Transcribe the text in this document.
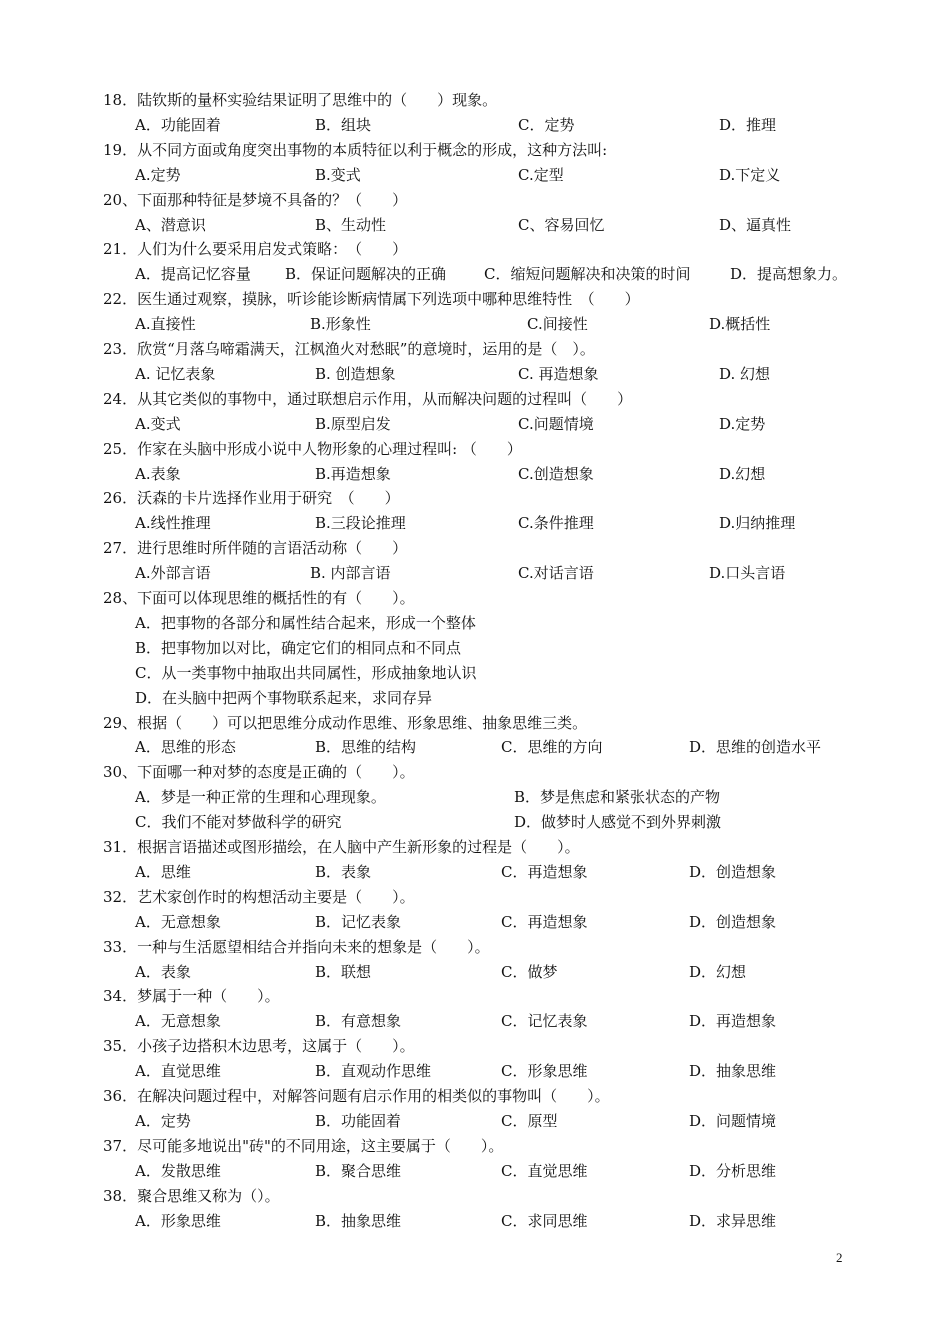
18．陆钦斯的量杯实验结果证明了思维中的（　　）现象。
A．功能固着	B．组块	C．定势	D．推理
19．从不同方面或角度突出事物的本质特征以利于概念的形成，这种方法叫:
A.定势	B.变式	C.定型	D.下定义
20、下面那种特征是梦境不具备的？（　　）
A、潜意识	B、生动性	C、容易回忆	D、逼真性
21．人们为什么要采用启发式策略：　（　　）
A．提高记忆容量 B．保证问题解决的正确	C．缩短问题解决和决策的时间	D．提高想象力。
22．医生通过观察，摸脉，听诊能诊断病情属下列选项中哪种思维特性　（　　）
A.直接性	B.形象性	C.间接性	D.概括性
23．欣赏“月落乌啼霜满天，江枫渔火对愁眠”的意境时，运用的是（　）。
A. 记忆表象	B. 创造想象	C. 再造想象	D. 幻想
24．从其它类似的事物中，通过联想启示作用，从而解决问题的过程叫（　　）
A.变式	B.原型启发	C.问题情境	D.定势
25．作家在头脑中形成小说中人物形象的心理过程叫: （　　）
A.表象	B.再造想象	C.创造想象	D.幻想
26．沃森的卡片选择作业用于研究　（　　）
A.线性推理	B.三段论推理	C.条件推理	D.归纳推理
27．进行思维时所伴随的言语活动称（　　）
A.外部言语	B. 内部言语	C.对话言语	D.口头言语
28、下面可以体现思维的概括性的有（　　）。
A．把事物的各部分和属性结合起来，形成一个整体
B．把事物加以对比，确定它们的相同点和不同点
C．从一类事物中抽取出共同属性，形成抽象地认识
D．在头脑中把两个事物联系起来，求同存异
29、根据（　　）可以把思维分成动作思维、形象思维、抽象思维三类。
A．思维的形态	B．思维的结构	C．思维的方向	D．思维的创造水平
30、下面哪一种对梦的态度是正确的（　　）。
A．梦是一种正常的生理和心理现象。	B．梦是焦虑和紧张状态的产物
C．我们不能对梦做科学的研究	D．做梦时人感觉不到外界刺激
31．根据言语描述或图形描绘，在人脑中产生新形象的过程是（　　）。
A．思维	B．表象	C．再造想象	D．创造想象
32．艺术家创作时的构想活动主要是（　　）。
A．无意想象	B．记忆表象	C．再造想象	D．创造想象
33．一种与生活愿望相结合并指向未来的想象是（　　）。
A．表象	B．联想	C．做梦	D．幻想
34．梦属于一种（　　）。
A．无意想象	B．有意想象	C．记忆表象	D．再造想象
35．小孩子边搭积木边思考，这属于（　　）。
A．直觉思维	B．直观动作思维	C．形象思维	D．抽象思维
36．在解决问题过程中，对解答问题有启示作用的相类似的事物叫（　　）。
A．定势	B．功能固着	C．原型	D．问题情境
37．尽可能多地说出"砖"的不同用途，这主要属于（　　）。
A．发散思维	B．聚合思维	C．直觉思维	D．分析思维
38．聚合思维又称为（）。
A．形象思维	B．抽象思维	C．求同思维	D．求异思维
2
